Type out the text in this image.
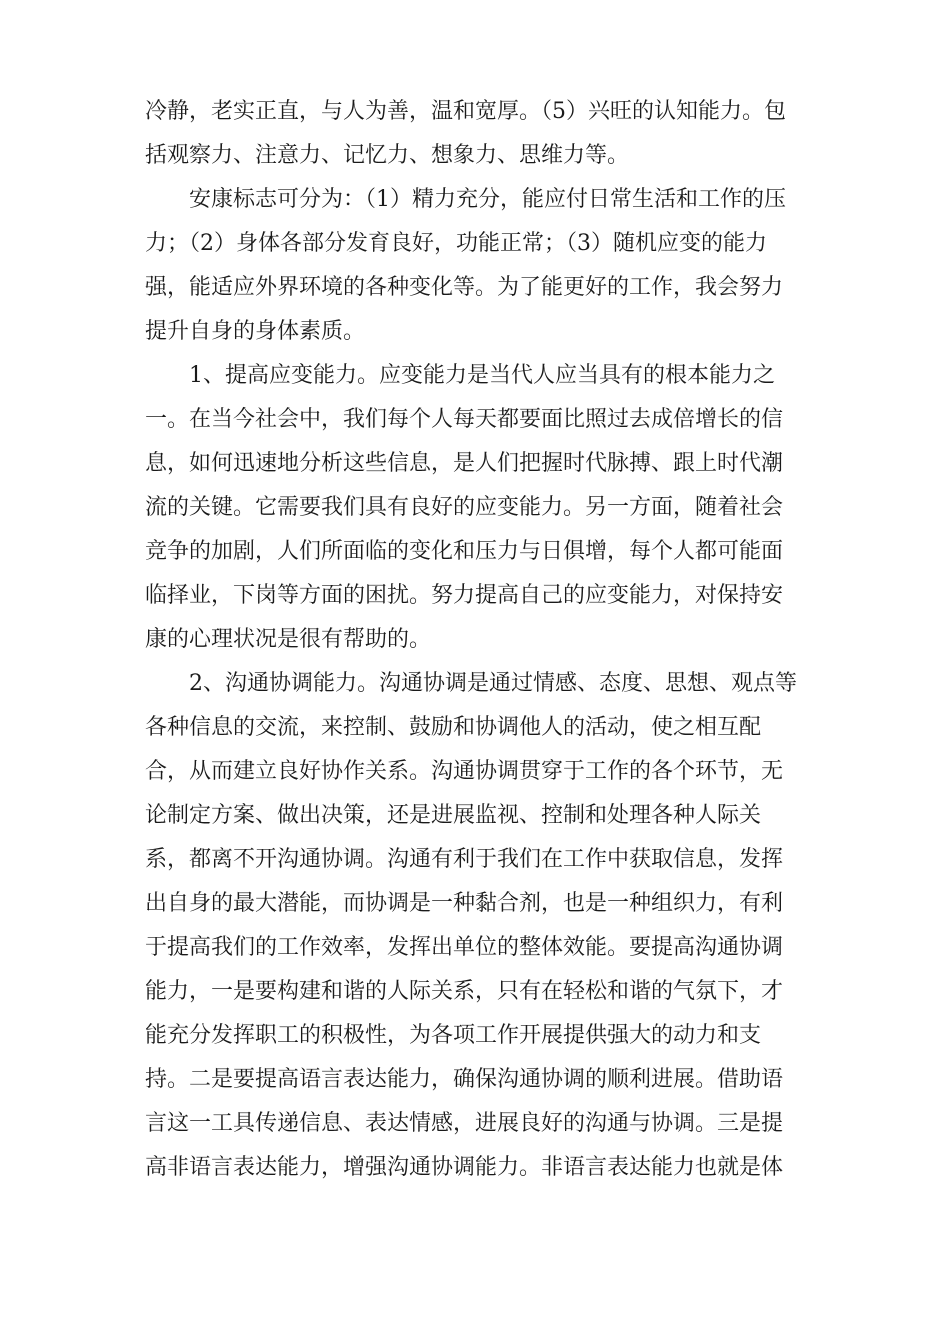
冷静，老实正直，与人为善，温和宽厚。（5）兴旺的认知能力。包
括观察力、注意力、记忆力、想象力、思维力等。
安康标志可分为：（1）精力充分，能应付日常生活和工作的压
力；（2）身体各部分发育良好，功能正常；（3）随机应变的能力
强，能适应外界环境的各种变化等。为了能更好的工作，我会努力
提升自身的身体素质。
1、提高应变能力。应变能力是当代人应当具有的根本能力之
一。在当今社会中，我们每个人每天都要面比照过去成倍增长的信
息，如何迅速地分析这些信息，是人们把握时代脉搏、跟上时代潮
流的关键。它需要我们具有良好的应变能力。另一方面，随着社会
竞争的加剧，人们所面临的变化和压力与日俱增，每个人都可能面
临择业，下岗等方面的困扰。努力提高自己的应变能力，对保持安
康的心理状况是很有帮助的。
2、沟通协调能力。沟通协调是通过情感、态度、思想、观点等
各种信息的交流，来控制、鼓励和协调他人的活动，使之相互配
合，从而建立良好协作关系。沟通协调贯穿于工作的各个环节，无
论制定方案、做出决策，还是进展监视、控制和处理各种人际关
系，都离不开沟通协调。沟通有利于我们在工作中获取信息，发挥
出自身的最大潜能，而协调是一种黏合剂，也是一种组织力，有利
于提高我们的工作效率，发挥出单位的整体效能。要提高沟通协调
能力，一是要构建和谐的人际关系，只有在轻松和谐的气氛下，才
能充分发挥职工的积极性，为各项工作开展提供强大的动力和支
持。二是要提高语言表达能力，确保沟通协调的顺利进展。借助语
言这一工具传递信息、表达情感，进展良好的沟通与协调。三是提
高非语言表达能力，增强沟通协调能力。非语言表达能力也就是体
